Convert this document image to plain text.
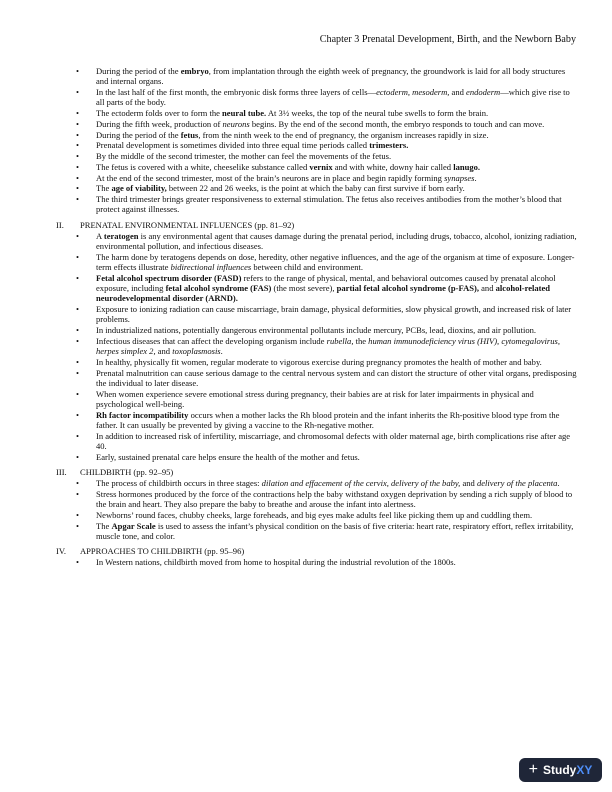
Chapter 3 Prenatal Development, Birth, and the Newborn Baby
• During the period of the embryo, from implantation through the eighth week of pregnancy, the groundwork is laid for all body structures and internal organs.
• In the last half of the first month, the embryonic disk forms three layers of cells—ectoderm, mesoderm, and endoderm—which give rise to all parts of the body.
• The ectoderm folds over to form the neural tube. At 3½ weeks, the top of the neural tube swells to form the brain.
• During the fifth week, production of neurons begins. By the end of the second month, the embryo responds to touch and can move.
• During the period of the fetus, from the ninth week to the end of pregnancy, the organism increases rapidly in size.
• Prenatal development is sometimes divided into three equal time periods called trimesters.
• By the middle of the second trimester, the mother can feel the movements of the fetus.
• The fetus is covered with a white, cheeselike substance called vernix and with white, downy hair called lanugo.
• At the end of the second trimester, most of the brain’s neurons are in place and begin rapidly forming synapses.
• The age of viability, between 22 and 26 weeks, is the point at which the baby can first survive if born early.
• The third trimester brings greater responsiveness to external stimulation. The fetus also receives antibodies from the mother’s blood that protect against illnesses.
II. PRENATAL ENVIRONMENTAL INFLUENCES (pp. 81–92)
• A teratogen is any environmental agent that causes damage during the prenatal period, including drugs, tobacco, alcohol, ionizing radiation, environmental pollution, and infectious diseases.
• The harm done by teratogens depends on dose, heredity, other negative influences, and the age of the organism at time of exposure. Longer-term effects illustrate bidirectional influences between child and environment.
• Fetal alcohol spectrum disorder (FASD) refers to the range of physical, mental, and behavioral outcomes caused by prenatal alcohol exposure, including fetal alcohol syndrome (FAS) (the most severe), partial fetal alcohol syndrome (p-FAS), and alcohol-related neurodevelopmental disorder (ARND).
• Exposure to ionizing radiation can cause miscarriage, brain damage, physical deformities, slow physical growth, and increased risk of later problems.
• In industrialized nations, potentially dangerous environmental pollutants include mercury, PCBs, lead, dioxins, and air pollution.
• Infectious diseases that can affect the developing organism include rubella, the human immunodeficiency virus (HIV), cytomegalovirus, herpes simplex 2, and toxoplasmosis.
• In healthy, physically fit women, regular moderate to vigorous exercise during pregnancy promotes the health of mother and baby.
• Prenatal malnutrition can cause serious damage to the central nervous system and can distort the structure of other vital organs, predisposing the individual to later disease.
• When women experience severe emotional stress during pregnancy, their babies are at risk for later impairments in physical and psychological well-being.
• Rh factor incompatibility occurs when a mother lacks the Rh blood protein and the infant inherits the Rh-positive blood type from the father. It can usually be prevented by giving a vaccine to the Rh-negative mother.
• In addition to increased risk of infertility, miscarriage, and chromosomal defects with older maternal age, birth complications rise after age 40.
• Early, sustained prenatal care helps ensure the health of the mother and fetus.
III. CHILDBIRTH (pp. 92–95)
• The process of childbirth occurs in three stages: dilation and effacement of the cervix, delivery of the baby, and delivery of the placenta.
• Stress hormones produced by the force of the contractions help the baby withstand oxygen deprivation by sending a rich supply of blood to the brain and heart. They also prepare the baby to breathe and arouse the infant into alertness.
• Newborns’ round faces, chubby cheeks, large foreheads, and big eyes make adults feel like picking them up and cuddling them.
• The Apgar Scale is used to assess the infant’s physical condition on the basis of five criteria: heart rate, respiratory effort, reflex irritability, muscle tone, and color.
IV. APPROACHES TO CHILDBIRTH (pp. 95–96)
• In Western nations, childbirth moved from home to hospital during the industrial revolution of the 1800s.
+ Study XY
